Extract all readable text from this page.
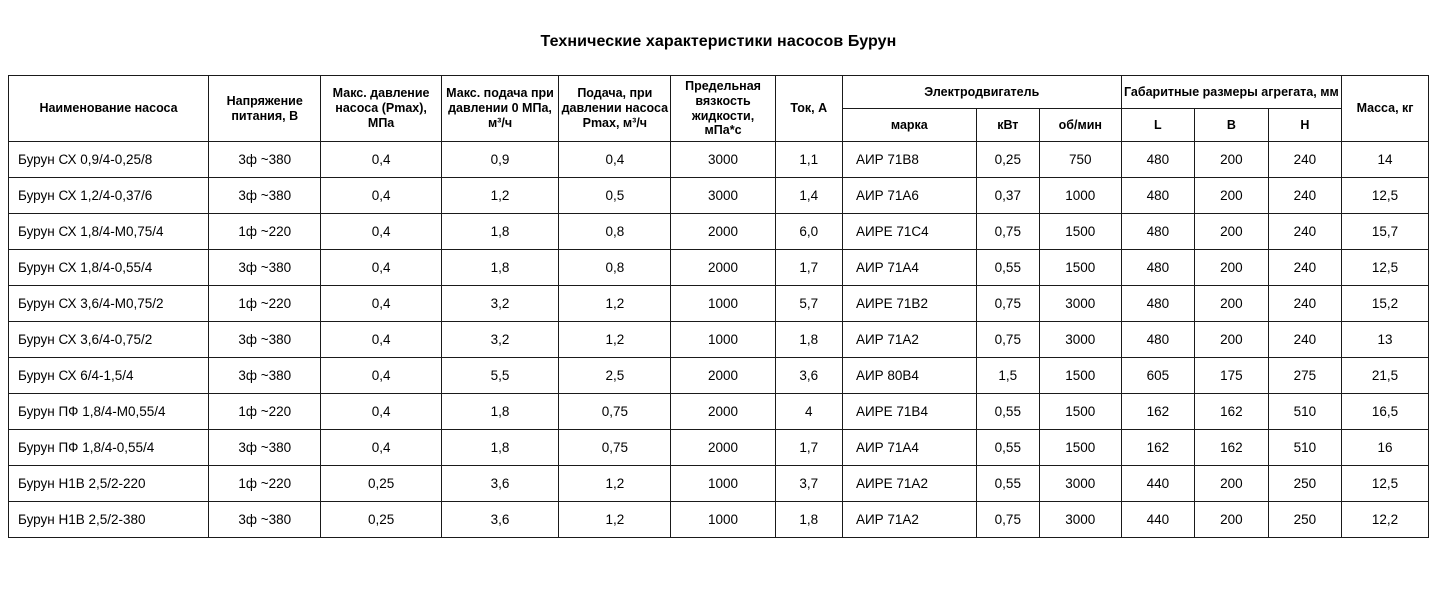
Технические характеристики насосов Бурун
Наименование насоса	Напряжение питания, В	Макс. давление насоса (Pmax), МПа	Макс. подача при давлении 0 МПа, м³/ч	Подача, при давлении насоса Pmax, м³/ч	Предельная вязкость жидкости, мПа*с	Ток, А	Электродвигатель			Габаритные размеры агрегата, мм			Масса, кг
							марка	кВт	об/мин	L	B	H	
Бурун СХ 0,9/4-0,25/8	3ф ~380	0,4	0,9	0,4	3000	1,1	АИР 71В8	0,25	750	480	200	240	14
Бурун СХ 1,2/4-0,37/6	3ф ~380	0,4	1,2	0,5	3000	1,4	АИР 71А6	0,37	1000	480	200	240	12,5
Бурун СХ 1,8/4-М0,75/4	1ф ~220	0,4	1,8	0,8	2000	6,0	АИРЕ 71С4	0,75	1500	480	200	240	15,7
Бурун СХ 1,8/4-0,55/4	3ф ~380	0,4	1,8	0,8	2000	1,7	АИР 71А4	0,55	1500	480	200	240	12,5
Бурун СХ 3,6/4-М0,75/2	1ф ~220	0,4	3,2	1,2	1000	5,7	АИРЕ 71В2	0,75	3000	480	200	240	15,2
Бурун СХ 3,6/4-0,75/2	3ф ~380	0,4	3,2	1,2	1000	1,8	АИР 71А2	0,75	3000	480	200	240	13
Бурун СХ 6/4-1,5/4	3ф ~380	0,4	5,5	2,5	2000	3,6	АИР 80В4	1,5	1500	605	175	275	21,5
Бурун ПФ 1,8/4-М0,55/4	1ф ~220	0,4	1,8	0,75	2000	4	АИРЕ 71В4	0,55	1500	162	162	510	16,5
Бурун ПФ 1,8/4-0,55/4	3ф ~380	0,4	1,8	0,75	2000	1,7	АИР 71А4	0,55	1500	162	162	510	16
Бурун Н1В 2,5/2-220	1ф ~220	0,25	3,6	1,2	1000	3,7	АИРЕ 71А2	0,55	3000	440	200	250	12,5
Бурун Н1В 2,5/2-380	3ф ~380	0,25	3,6	1,2	1000	1,8	АИР 71А2	0,75	3000	440	200	250	12,2
